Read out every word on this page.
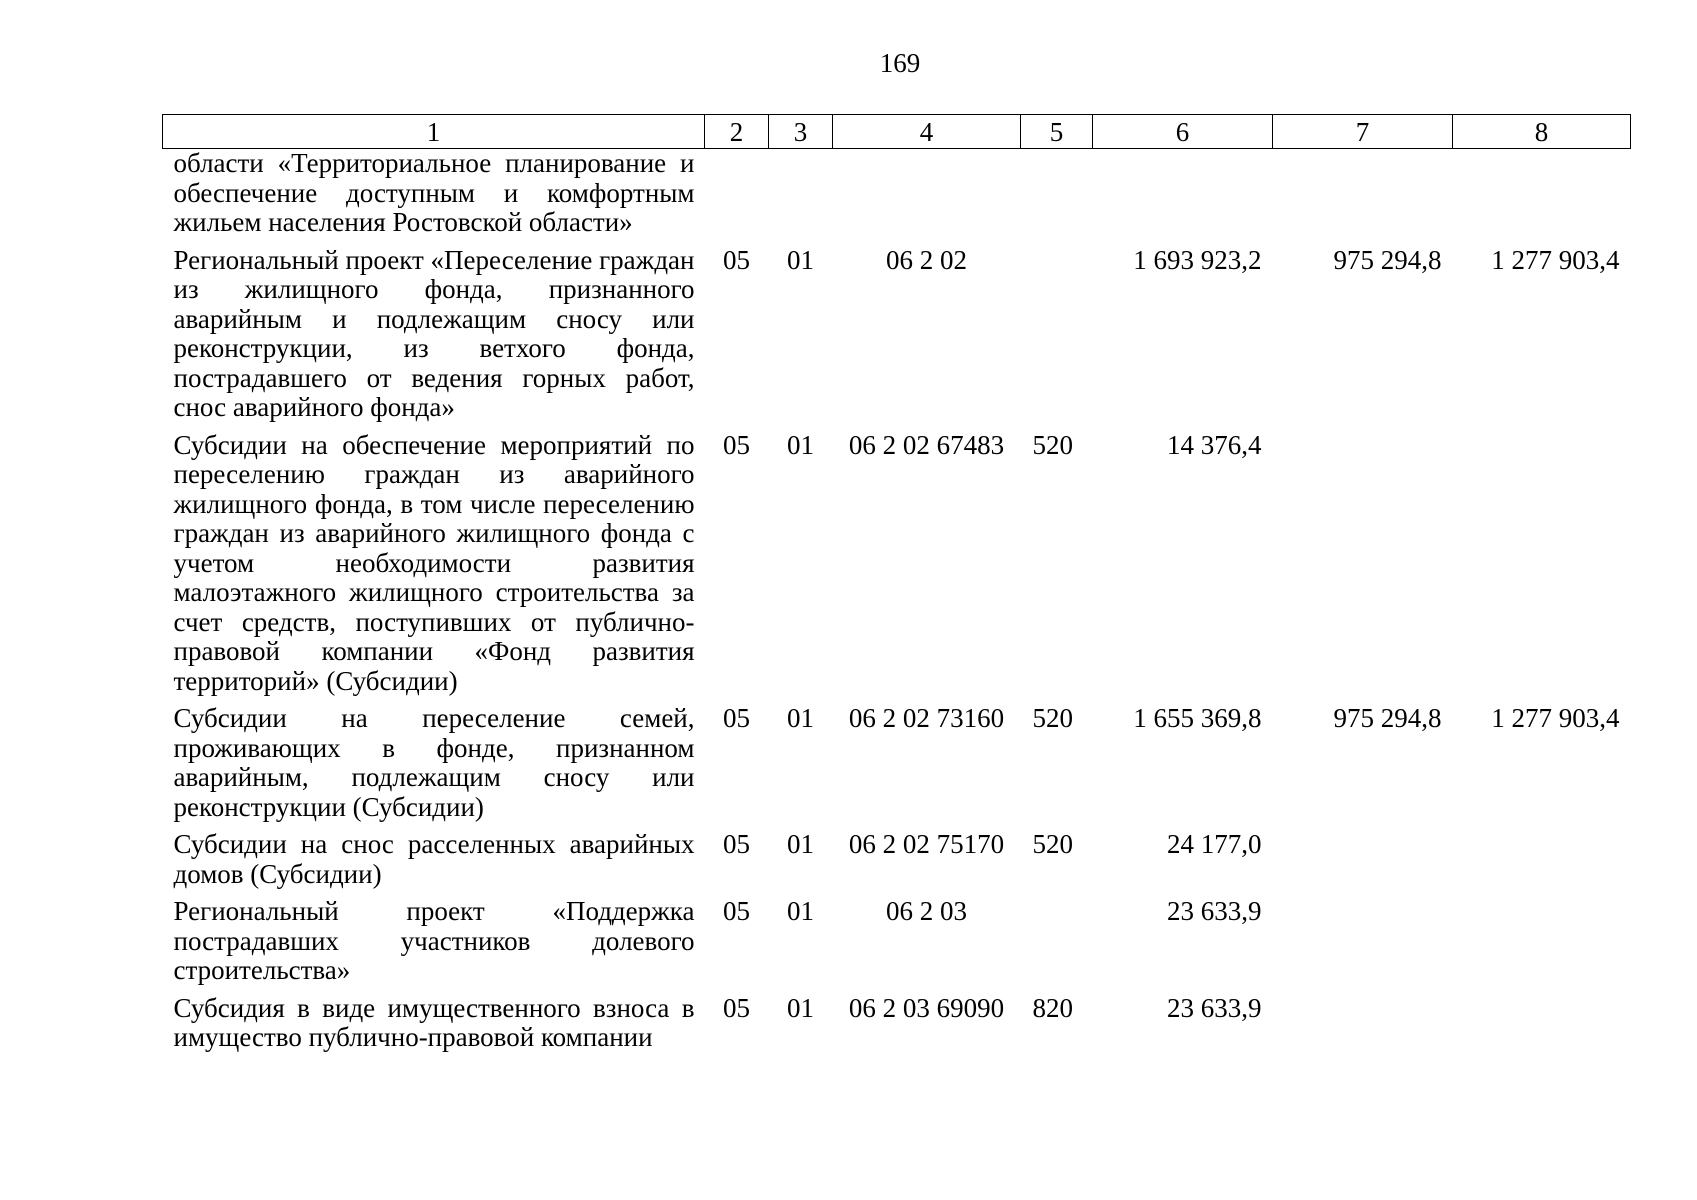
169
1	2	3	4	5	6	7	8
области «Территориальное планирование и обеспечение доступным и комфортным жильем населения Ростовской области»							
Региональный проект «Переселение граждан из жилищного фонда, признанного аварийным и подлежащим сносу или реконструкции, из ветхого фонда, пострадавшего от ведения горных работ, снос аварийного фонда»	05	01	06 2 02		1 693 923,2	975 294,8	1 277 903,4
Субсидии на обеспечение мероприятий по переселению граждан из аварийного жилищного фонда, в том числе переселению граждан из аварийного жилищного фонда с учетом необходимости развития малоэтажного жилищного строительства за счет средств, поступивших от публично-правовой компании «Фонд развития территорий» (Субсидии)	05	01	06 2 02 67483	520	14 376,4		
Субсидии на переселение семей, проживающих в фонде, признанном аварийным, подлежащим сносу или реконструкции (Субсидии)	05	01	06 2 02 73160	520	1 655 369,8	975 294,8	1 277 903,4
Субсидии на снос расселенных аварийных домов (Субсидии)	05	01	06 2 02 75170	520	24 177,0		
Региональный проект «Поддержка пострадавших участников долевого строительства»	05	01	06 2 03		23 633,9		
Субсидия в виде имущественного взноса в имущество публично-правовой компании	05	01	06 2 03 69090	820	23 633,9		
